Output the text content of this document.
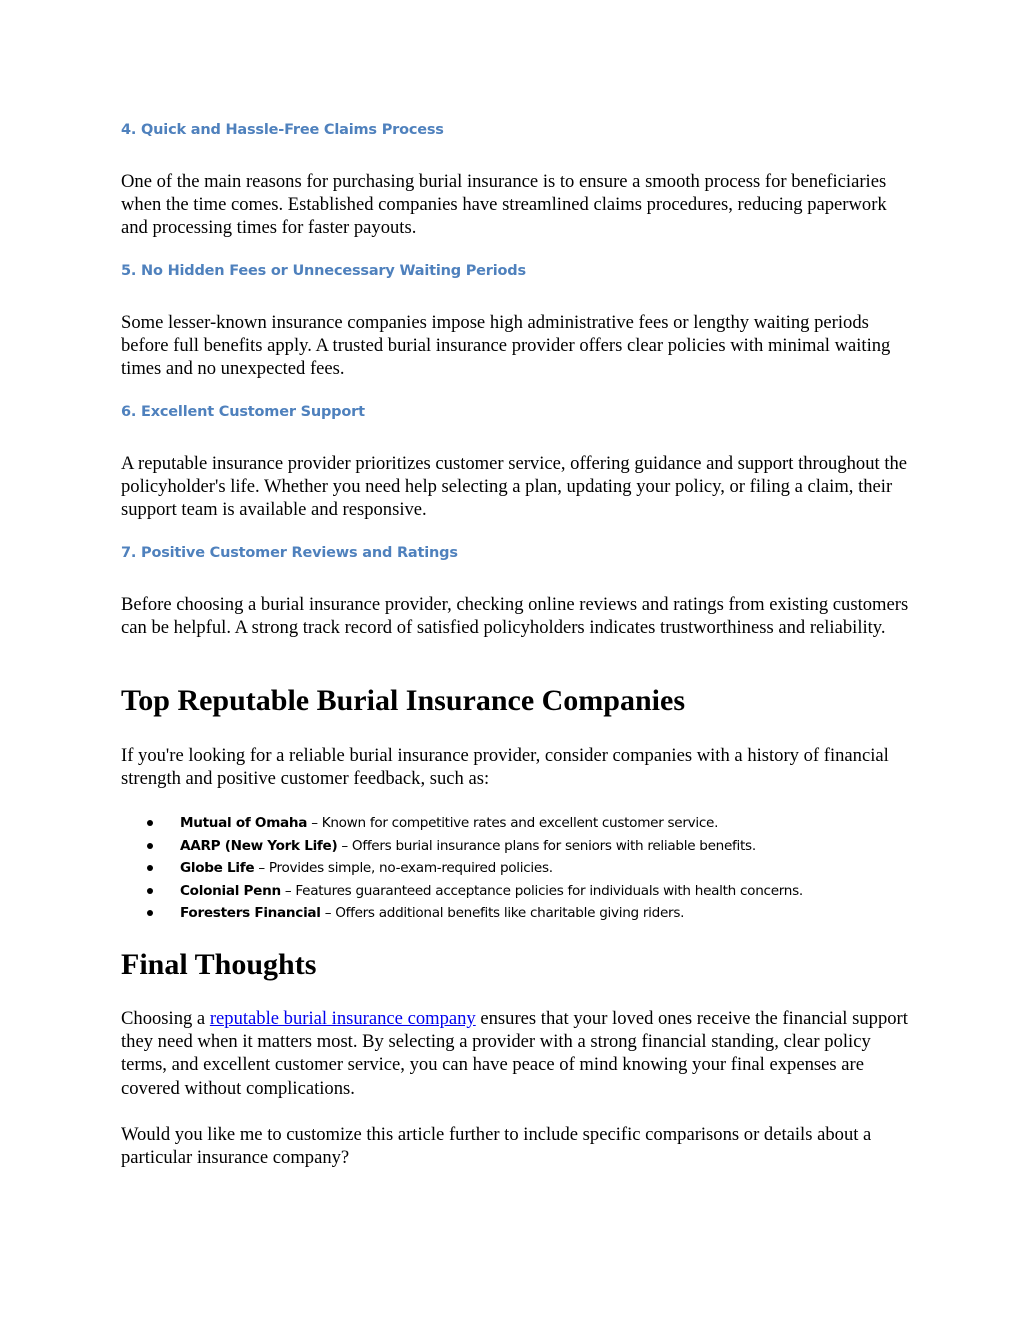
4. Quick and Hassle-Free Claims Process

One of the main reasons for purchasing burial insurance is to ensure a smooth process for beneficiaries when the time comes. Established companies have streamlined claims procedures, reducing paperwork and processing times for faster payouts.

5. No Hidden Fees or Unnecessary Waiting Periods

Some lesser-known insurance companies impose high administrative fees or lengthy waiting periods before full benefits apply. A trusted burial insurance provider offers clear policies with minimal waiting times and no unexpected fees.

6. Excellent Customer Support

A reputable insurance provider prioritizes customer service, offering guidance and support throughout the policyholder's life. Whether you need help selecting a plan, updating your policy, or filing a claim, their support team is available and responsive.

7. Positive Customer Reviews and Ratings

Before choosing a burial insurance provider, checking online reviews and ratings from existing customers can be helpful. A strong track record of satisfied policyholders indicates trustworthiness and reliability.

Top Reputable Burial Insurance Companies

If you're looking for a reliable burial insurance provider, consider companies with a history of financial strength and positive customer feedback, such as:

Mutual of Omaha – Known for competitive rates and excellent customer service.
AARP (New York Life) – Offers burial insurance plans for seniors with reliable benefits.
Globe Life – Provides simple, no-exam-required policies.
Colonial Penn – Features guaranteed acceptance policies for individuals with health concerns.
Foresters Financial – Offers additional benefits like charitable giving riders.
Final Thoughts

Choosing a reputable burial insurance company ensures that your loved ones receive the financial support they need when it matters most. By selecting a provider with a strong financial standing, clear policy terms, and excellent customer service, you can have peace of mind knowing your final expenses are covered without complications.

Would you like me to customize this article further to include specific comparisons or details about a particular insurance company?
